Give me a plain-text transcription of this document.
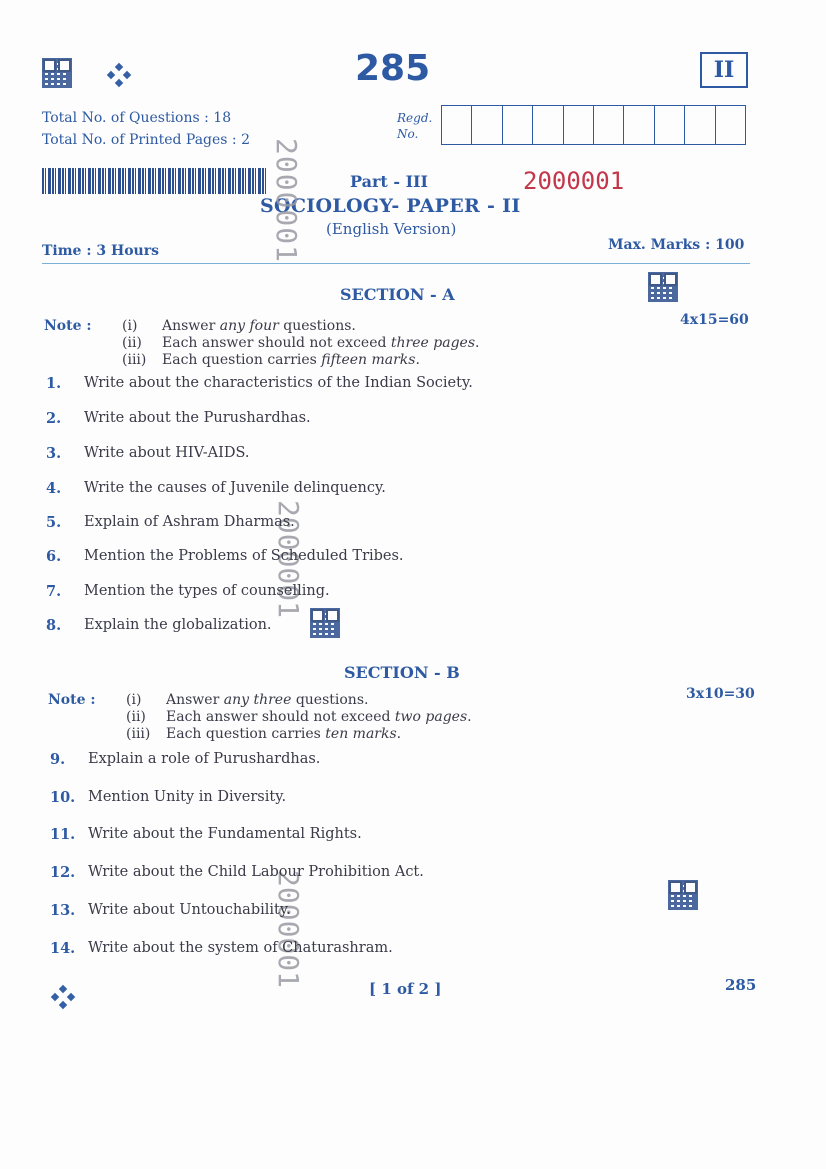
285	II
Total No. of Questions : 18
Total No. of Printed Pages : 2
Regd.
No.
2000001
Part - III
SOCIOLOGY- PAPER - II
(English Version)
Time : 3 Hours	Max. Marks : 100
2000001
2000001
2000001
SECTION - A
4x15=60
Note : (i) Answer any four questions.
(ii) Each answer should not exceed three pages.
(iii) Each question carries fifteen marks.
1. Write about the characteristics of the Indian Society.
2. Write about the Purushardhas.
3. Write about HIV-AIDS.
4. Write the causes of Juvenile delinquency.
5. Explain of Ashram Dharmas.
6. Mention the Problems of Scheduled Tribes.
7. Mention the types of counselling.
8. Explain the globalization.
SECTION - B
3x10=30
Note : (i) Answer any three questions.
(ii) Each answer should not exceed two pages.
(iii) Each question carries ten marks.
9. Explain a role of Purushardhas.
10. Mention Unity in Diversity.
11. Write about the Fundamental Rights.
12. Write about the Child Labour Prohibition Act.
13. Write about Untouchability.
14. Write about the system of Chaturashram.
[ 1 of 2 ]	285
